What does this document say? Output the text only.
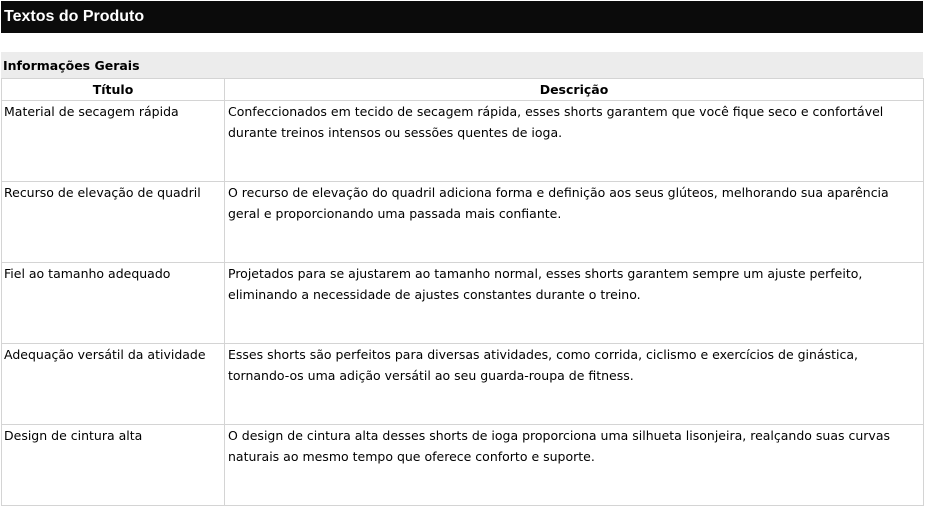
Textos do Produto
Informações Gerais
Título	Descrição
Material de secagem rápida	Confeccionados em tecido de secagem rápida, esses shorts garantem que você fique seco e confortável durante treinos intensos ou sessões quentes de ioga.
Recurso de elevação de quadril	O recurso de elevação do quadril adiciona forma e definição aos seus glúteos, melhorando sua aparência geral e proporcionando uma passada mais confiante.
Fiel ao tamanho adequado	Projetados para se ajustarem ao tamanho normal, esses shorts garantem sempre um ajuste perfeito, eliminando a necessidade de ajustes constantes durante o treino.
Adequação versátil da atividade	Esses shorts são perfeitos para diversas atividades, como corrida, ciclismo e exercícios de ginástica, tornando-os uma adição versátil ao seu guarda-roupa de fitness.
Design de cintura alta	O design de cintura alta desses shorts de ioga proporciona uma silhueta lisonjeira, realçando suas curvas naturais ao mesmo tempo que oferece conforto e suporte.
